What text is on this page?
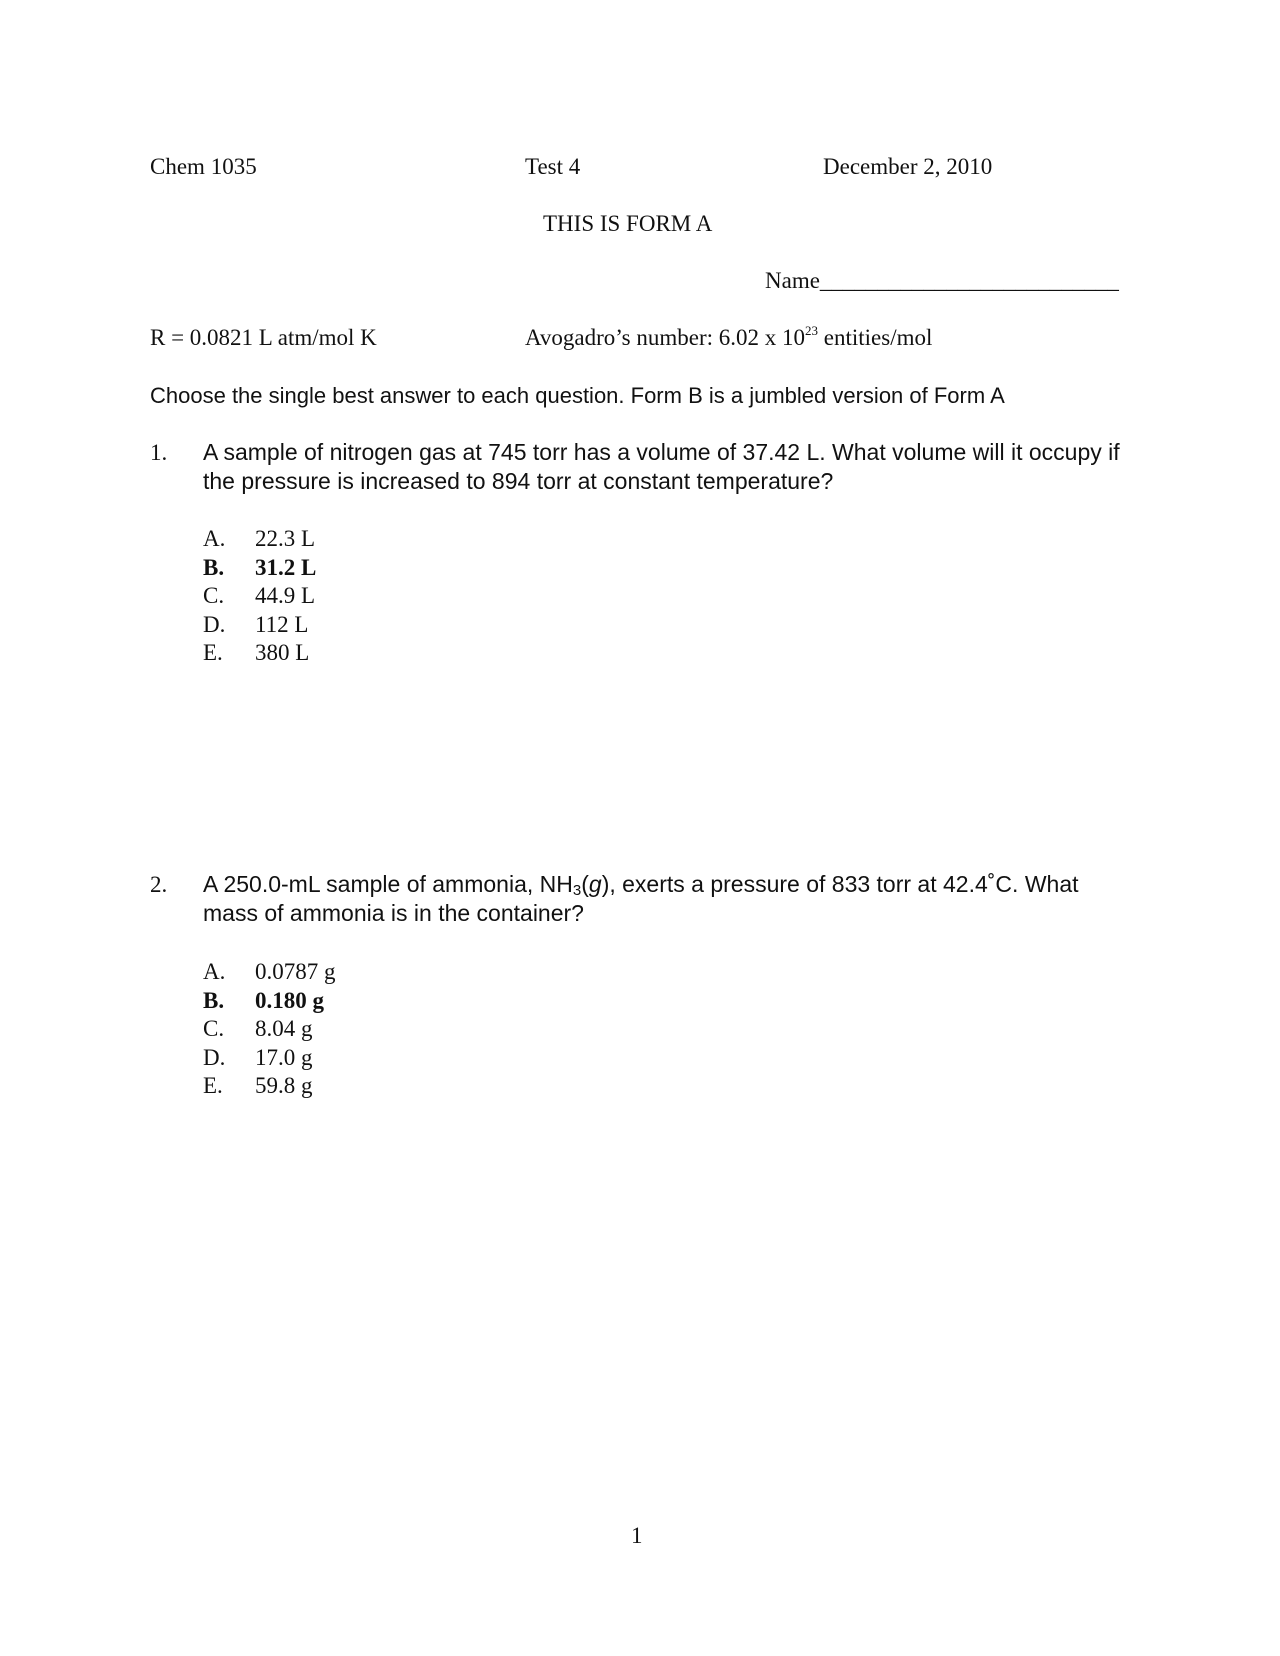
Chem 1035	Test 4	December 2, 2010
THIS IS FORM A
Name__________________________
R = 0.0821 L atm/mol K	Avogadro’s number: 6.02 x $10^{23}$ entities/mol
Choose the single best answer to each question. Form B is a jumbled version of Form A
1. A sample of nitrogen gas at 745 torr has a volume of 37.42 L. What volume will it occupy if the pressure is increased to 894 torr at constant temperature?
A. 22.3 L
B. 31.2 L
C. 44.9 L
D. 112 L
E. 380 L
2. A 250.0-mL sample of ammonia, $NH_3(g)$, exerts a pressure of 833 torr at 42.4˚C. What mass of ammonia is in the container?
A. 0.0787 g
B. 0.180 g
C. 8.04 g
D. 17.0 g
E. 59.8 g
1
